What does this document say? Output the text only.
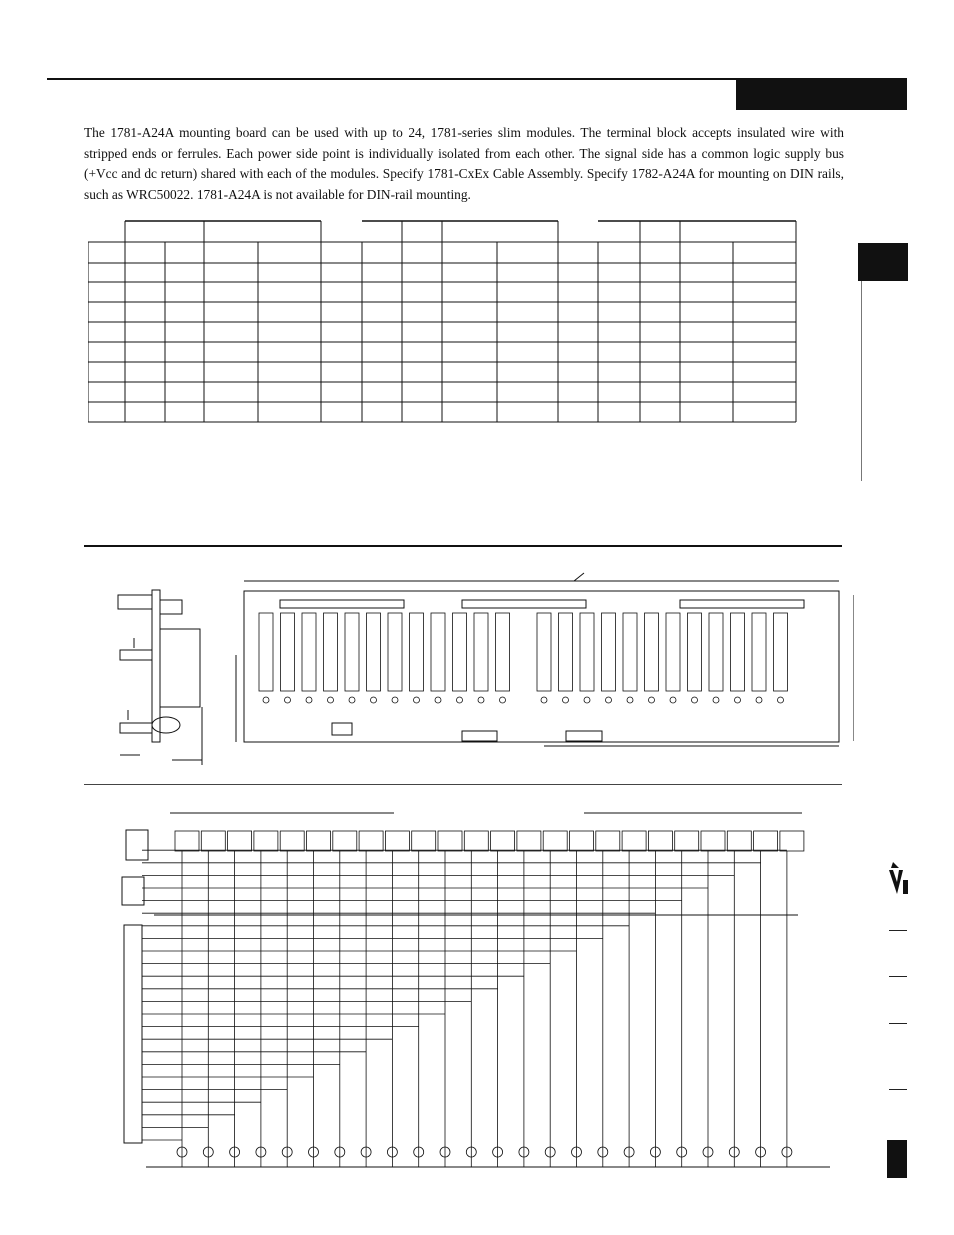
The 1781-A24A mounting board can be used with up to 24, 1781-series slim modules. The terminal block accepts insulated wire with stripped ends or ferrules. Each power side point is individually isolated from each other. The signal side has a common logic supply bus (+Vcc and dc return) shared with each of the modules. Specify 1781-CxEx Cable Assembly. Specify 1782-A24A for mounting on DIN rails, such as WRC50022. 1781-A24A is not available for DIN-rail mounting.
